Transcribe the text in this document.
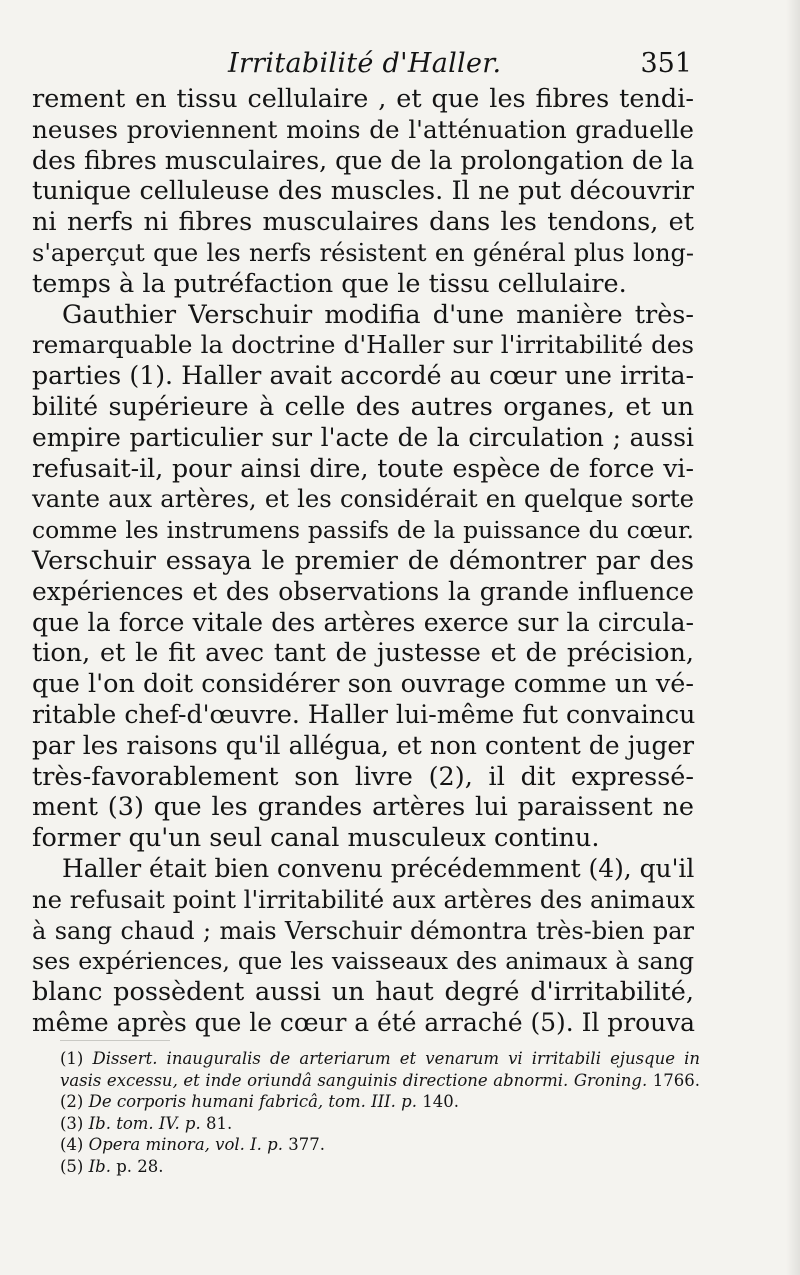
Irritabilité d'Haller.	351
rement en tissu cellulaire , et que les fibres tendi-
neuses proviennent moins de l'atténuation graduelle
des fibres musculaires, que de la prolongation de la
tunique celluleuse des muscles. Il ne put découvrir
ni nerfs ni fibres musculaires dans les tendons, et
s'aperçut que les nerfs résistent en général plus long-
temps à la putréfaction que le tissu cellulaire.
Gauthier Verschuir modifia d'une manière très-
remarquable la doctrine d'Haller sur l'irritabilité des
parties (1). Haller avait accordé au cœur une irrita-
bilité supérieure à celle des autres organes, et un
empire particulier sur l'acte de la circulation ; aussi
refusait-il, pour ainsi dire, toute espèce de force vi-
vante aux artères, et les considérait en quelque sorte
comme les instrumens passifs de la puissance du cœur.
Verschuir essaya le premier de démontrer par des
expériences et des observations la grande influence
que la force vitale des artères exerce sur la circula-
tion, et le fit avec tant de justesse et de précision,
que l'on doit considérer son ouvrage comme un vé-
ritable chef-d'œuvre. Haller lui-même fut convaincu
par les raisons qu'il allégua, et non content de juger
très-favorablement son livre (2), il dit expressé-
ment (3) que les grandes artères lui paraissent ne
former qu'un seul canal musculeux continu.
Haller était bien convenu précédemment (4), qu'il
ne refusait point l'irritabilité aux artères des animaux
à sang chaud ; mais Verschuir démontra très-bien par
ses expériences, que les vaisseaux des animaux à sang
blanc possèdent aussi un haut degré d'irritabilité,
même après que le cœur a été arraché (5). Il prouva
(1) Dissert. inauguralis de arteriarum et venarum vi irritabili ejusque in
vasis excessu, et inde oriundâ sanguinis directione abnormi. Groning. 1766.
(2) De corporis humani fabricâ, tom. III. p. 140.
(3) Ib. tom. IV. p. 81.
(4) Opera minora, vol. I. p. 377.
(5) Ib. p. 28.
